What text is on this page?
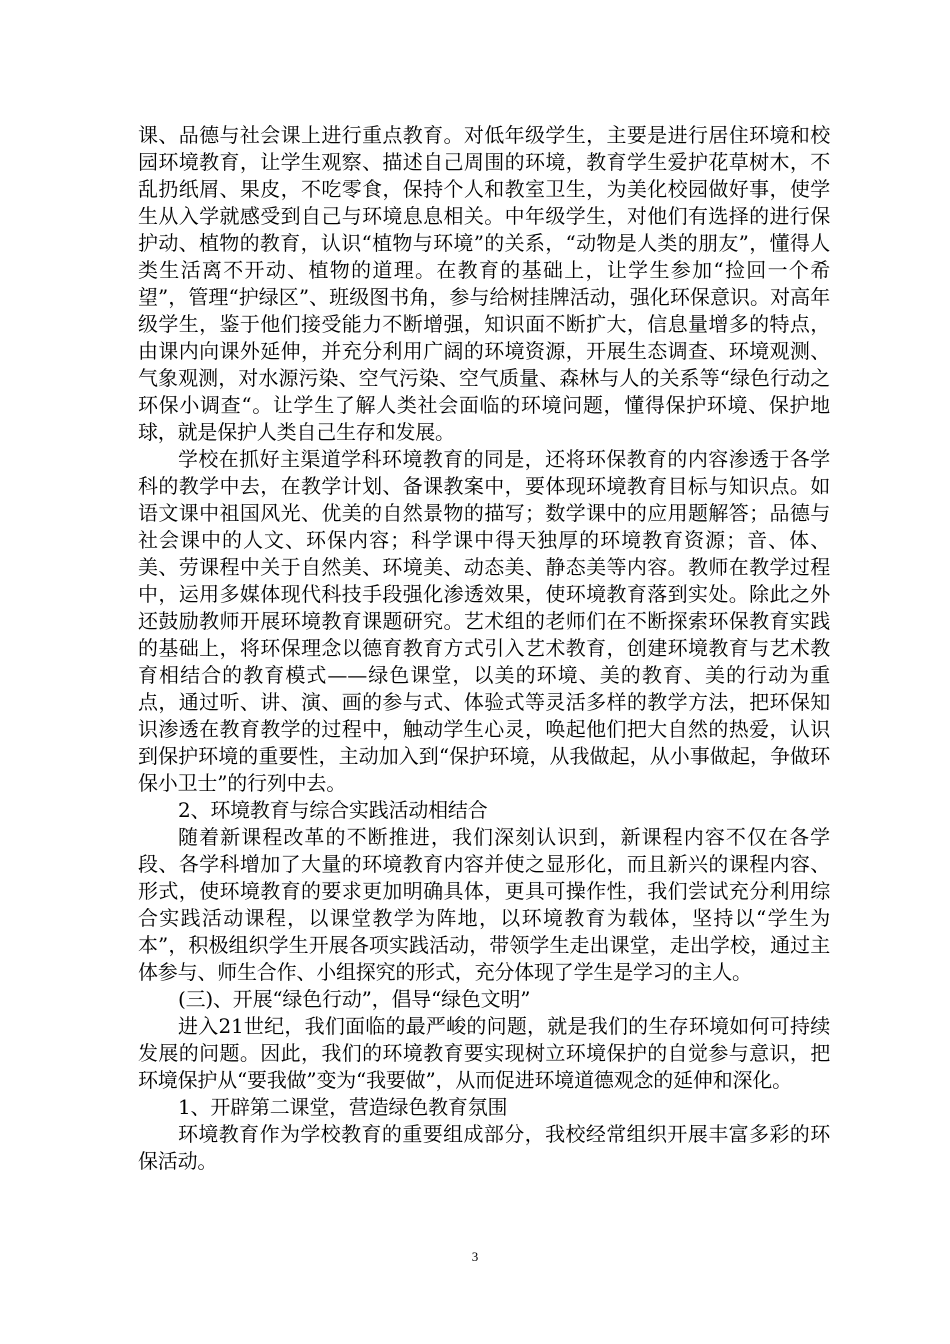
课、品德与社会课上进行重点教育。对低年级学生，主要是进行居住环境和校园环境教育，让学生观察、描述自己周围的环境，教育学生爱护花草树木，不乱扔纸屑、果皮，不吃零食，保持个人和教室卫生，为美化校园做好事，使学生从入学就感受到自己与环境息息相关。中年级学生，对他们有选择的进行保护动、植物的教育，认识“植物与环境”的关系，“动物是人类的朋友”，懂得人类生活离不开动、植物的道理。在教育的基础上，让学生参加“捡回一个希望”，管理“护绿区”、班级图书角，参与给树挂牌活动，强化环保意识。对高年级学生，鉴于他们接受能力不断增强，知识面不断扩大，信息量增多的特点，由课内向课外延伸，并充分利用广阔的环境资源，开展生态调查、环境观测、气象观测，对水源污染、空气污染、空气质量、森林与人的关系等“绿色行动之环保小调查“。让学生了解人类社会面临的环境问题，懂得保护环境、保护地球，就是保护人类自己生存和发展。

学校在抓好主渠道学科环境教育的同是，还将环保教育的内容渗透于各学科的教学中去，在教学计划、备课教案中，要体现环境教育目标与知识点。如语文课中祖国风光、优美的自然景物的描写；数学课中的应用题解答；品德与社会课中的人文、环保内容；科学课中得天独厚的环境教育资源；音、体、美、劳课程中关于自然美、环境美、动态美、静态美等内容。教师在教学过程中，运用多媒体现代科技手段强化渗透效果，使环境教育落到实处。除此之外还鼓励教师开展环境教育课题研究。艺术组的老师们在不断探索环保教育实践的基础上，将环保理念以德育教育方式引入艺术教育，创建环境教育与艺术教育相结合的教育模式——绿色课堂，以美的环境、美的教育、美的行动为重点，通过听、讲、演、画的参与式、体验式等灵活多样的教学方法，把环保知识渗透在教育教学的过程中，触动学生心灵，唤起他们把大自然的热爱，认识到保护环境的重要性，主动加入到“保护环境，从我做起，从小事做起，争做环保小卫士”的行列中去。

2、环境教育与综合实践活动相结合

随着新课程改革的不断推进，我们深刻认识到，新课程内容不仅在各学段、各学科增加了大量的环境教育内容并使之显形化，而且新兴的课程内容、形式，使环境教育的要求更加明确具体，更具可操作性，我们尝试充分利用综合实践活动课程，以课堂教学为阵地，以环境教育为载体，坚持以“学生为本”，积极组织学生开展各项实践活动，带领学生走出课堂，走出学校，通过主体参与、师生合作、小组探究的形式，充分体现了学生是学习的主人。

(三)、开展“绿色行动”，倡导“绿色文明”

进入21世纪，我们面临的最严峻的问题，就是我们的生存环境如何可持续发展的问题。因此，我们的环境教育要实现树立环境保护的自觉参与意识，把环境保护从“要我做”变为“我要做”，从而促进环境道德观念的延伸和深化。

1、开辟第二课堂，营造绿色教育氛围

环境教育作为学校教育的重要组成部分，我校经常组织开展丰富多彩的环保活动。

3
